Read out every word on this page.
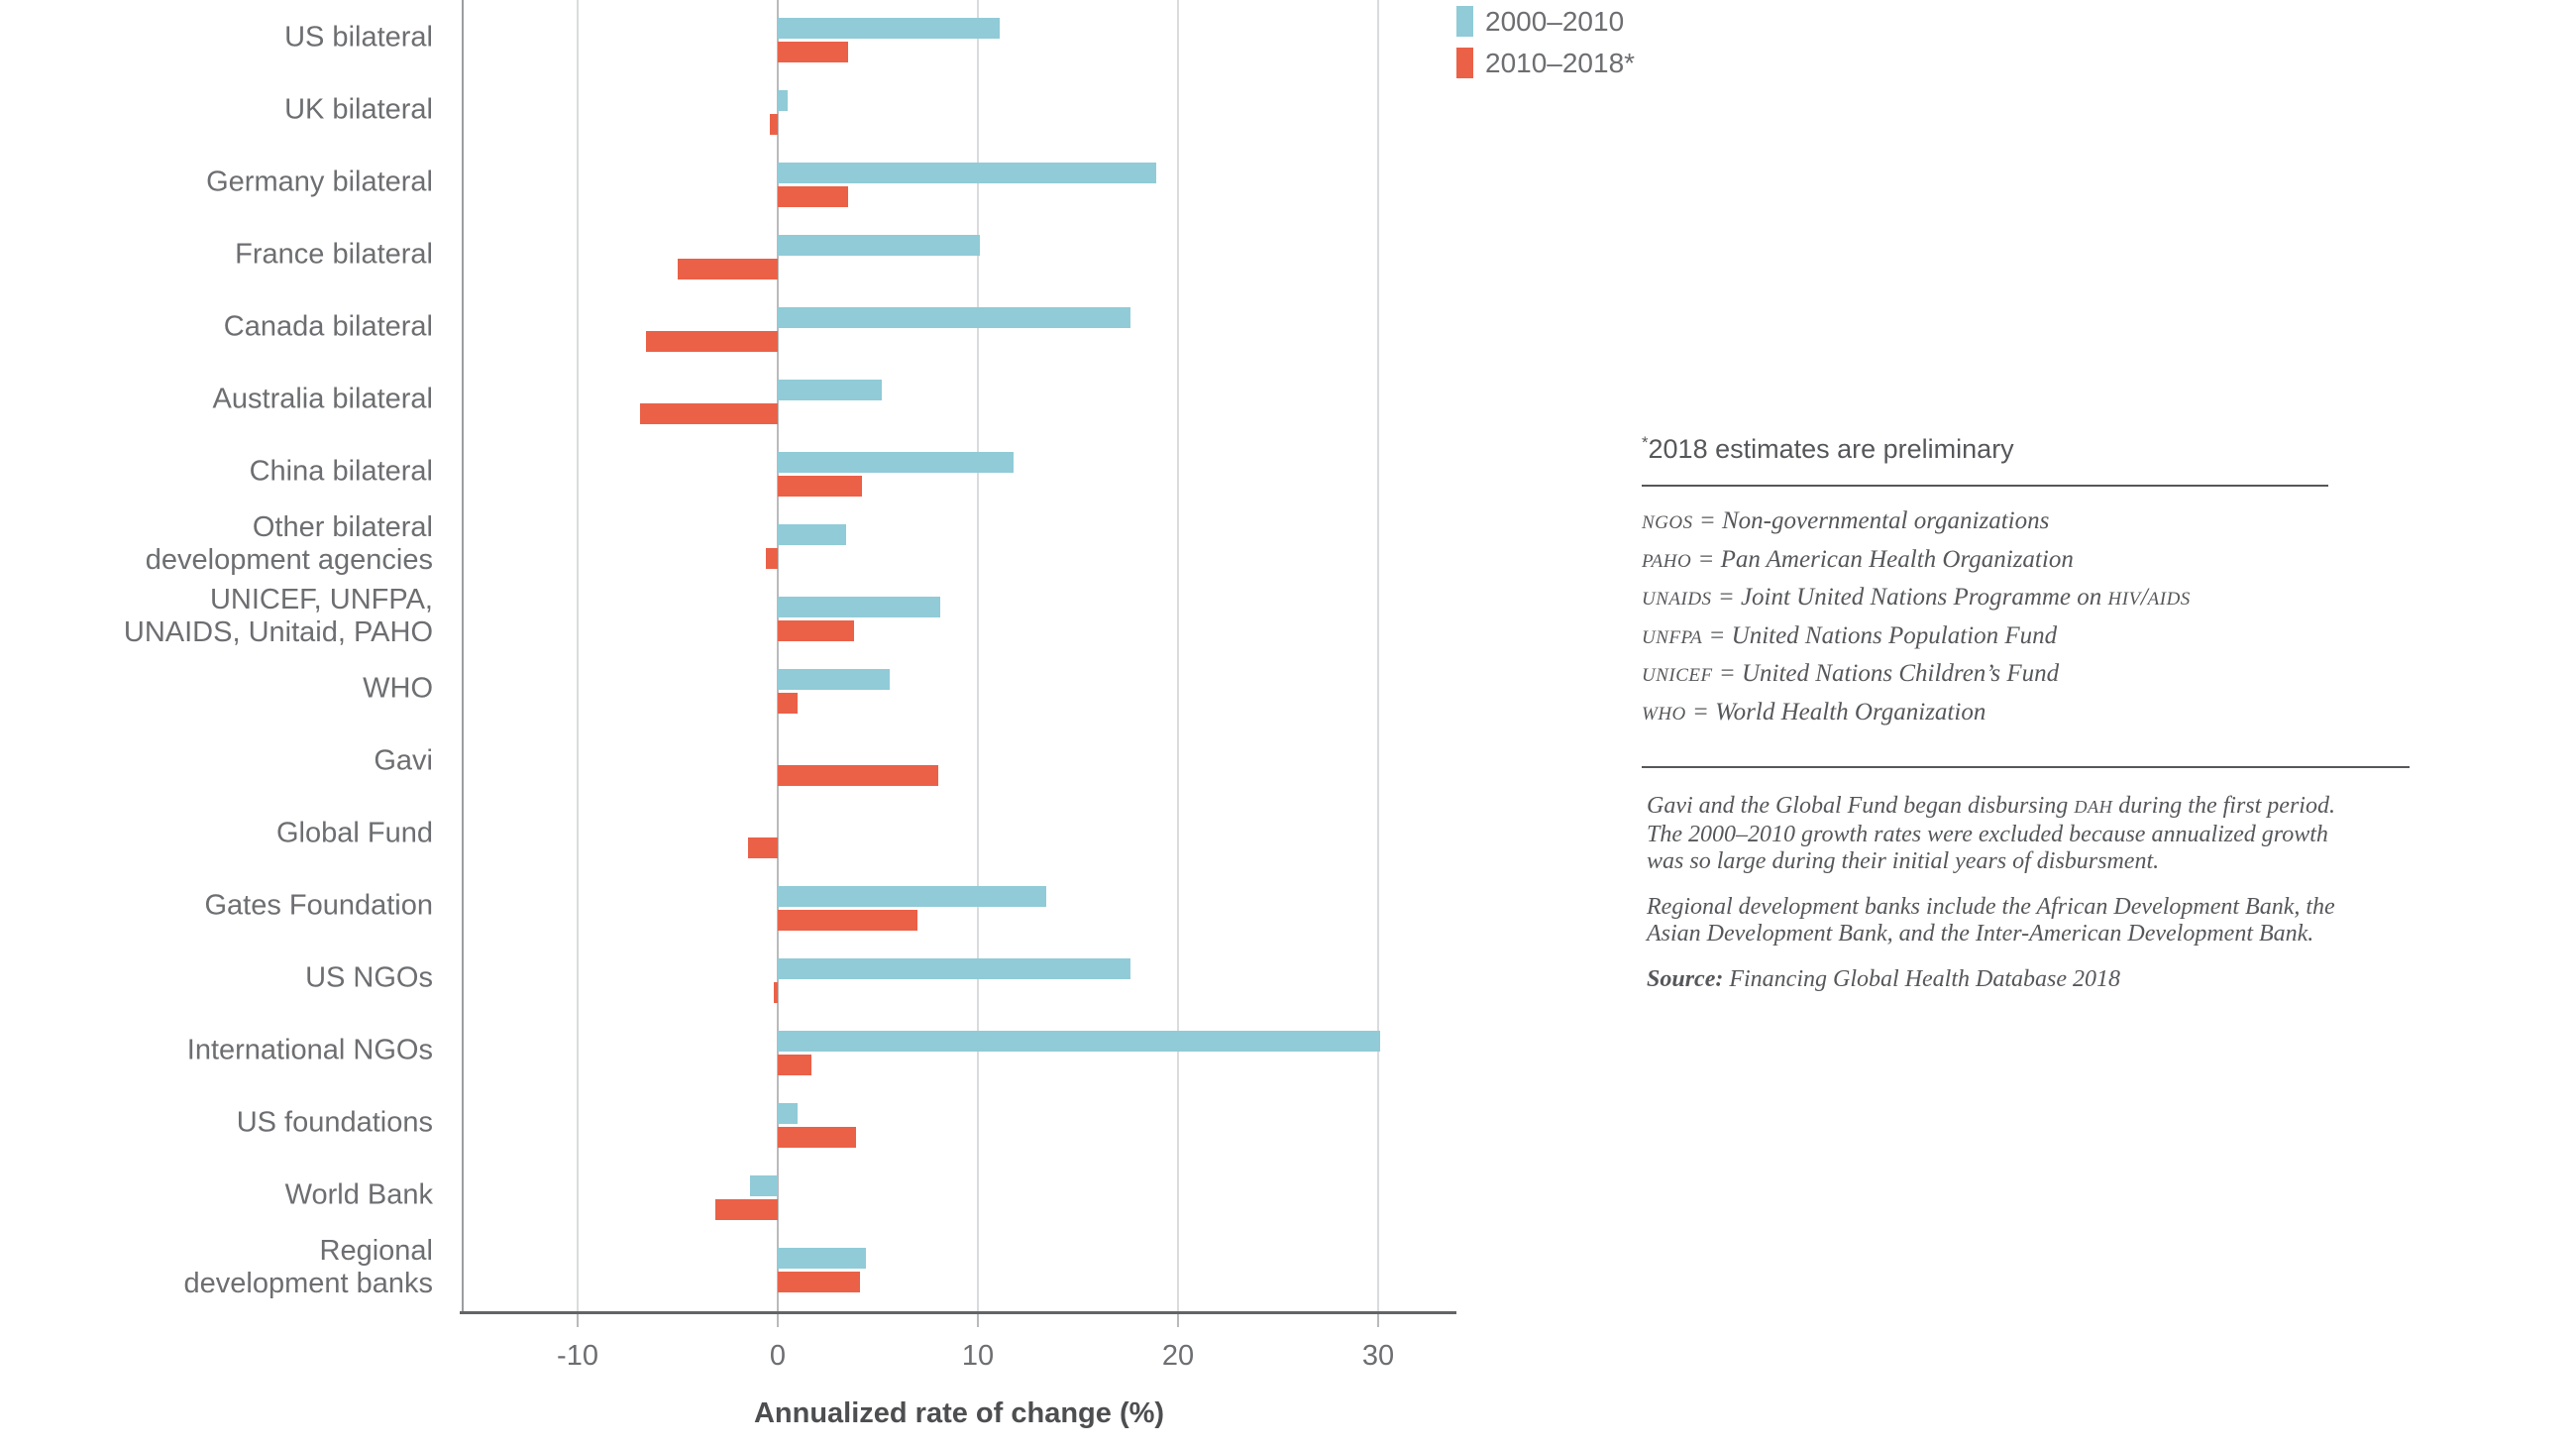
-10	0	10	20	30
US bilateral
UK bilateral
Germany bilateral
France bilateral
Canada bilateral
Australia bilateral
China bilateral
Other bilateral
development agencies
UNICEF, UNFPA,
UNAIDS, Unitaid, PAHO
WHO
Gavi
Global Fund
Gates Foundation
US NGOs
International NGOs
US foundations
World Bank
Regional
development banks
Annualized rate of change (%)
2000–2010
2010–2018*
*2018 estimates are preliminary
NGOS = Non-governmental organizations
PAHO = Pan American Health Organization
UNAIDS = Joint United Nations Programme on HIV/AIDS
UNFPA = United Nations Population Fund
UNICEF = United Nations Children’s Fund
WHO = World Health Organization
Gavi and the Global Fund began disbursing DAH during the first period.
The 2000–2010 growth rates were excluded because annualized growth
was so large during their initial years of disbursment.
Regional development banks include the African Development Bank, the
Asian Development Bank, and the Inter-American Development Bank.
Source: Financing Global Health Database 2018
